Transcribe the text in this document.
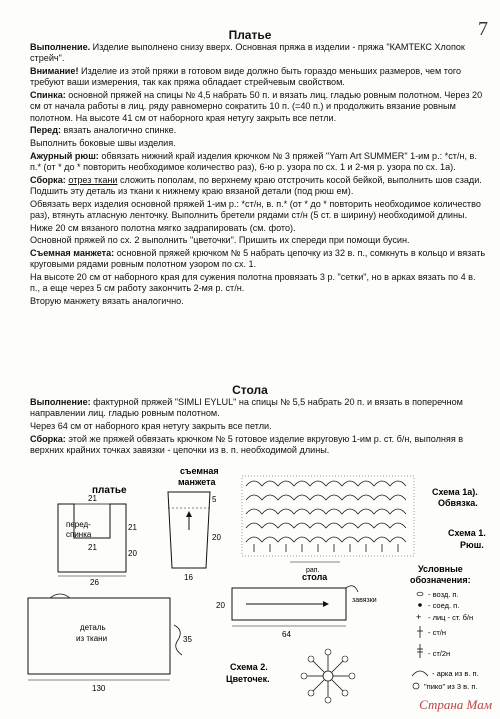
7
Платье

Выполнение. Изделие выполнено снизу вверх. Основная пряжа в изделии - пряжа "КАМТЕКС Хлопок стрейч".

Внимание! Изделие из этой пряжи в готовом виде должно быть гораздо меньших размеров, чем того требуют ваши измерения, так как пряжа обладает стрейчевым свойством.

Спинка: основной пряжей на спицы № 4,5 набрать 50 п. и вязать лиц. гладью ровным полотном. Через 20 см от начала работы в лиц. ряду равномерно сократить 10 п. (=40 п.) и продолжить вязание ровным полотном. На высоте 41 см от наборного края нетугу закрыть все петли.

Перед: вязать аналогично спинке.

Выполнить боковые швы изделия.

Ажурный рюш: обвязать нижний край изделия крючком № 3 пряжей "Yarn Art SUMMER" 1-им р.: *ст/н, в. п.* (от * до * повторить необходимое количество раз), 6-ю р. узора по сх. 1 и 2-мя р. узора по сх. 1а).

Сборка: отрез ткани сложить пополам, по верхнему краю отстрочить косой бейкой, выполнить шов сзади. Подшить эту деталь из ткани к нижнему краю вязаной детали (под рюш ем).

Обвязать верх изделия основной пряжей 1-им р.: *ст/н, в. п.* (от * до * повторить необходимое количество раз), втянуть атласную ленточку. Выполнить бретели рядами ст/н (5 ст. в ширину) необходимой длины.

Ниже 20 см вязаного полотна мягко задрапировать (см. фото).

Основной пряжей по сх. 2 выполнить "цветочки". Пришить их спереди при помощи бусин.

Съемная манжета: основной пряжей крючком № 5 набрать цепочку из 32 в. п., сомкнуть в кольцо и вязать круговыми рядами ровным полотном узором по сх. 1.

На высоте 20 см от наборного края для сужения полотна провязать 3 р. "сетки", но в арках вязать по 4 в. п., а еще через 5 см работу закончить 2-мя р. ст/н.

Вторую манжету вязать аналогично.

Стола

Выполнение: фактурной пряжей "SIMLI EYLUL" на спицы № 5,5 набрать 20 п. и вязать в поперечном направлении лиц. гладью ровным полотном.

Через 64 см от наборного края нетугу закрыть все петли.

Сборка: этой же пряжей обвязать крючком № 5 готовое изделие вкруговую 1-им р. ст. б/н, выполняя в верхних крайних точках завязки - цепочки из в. п. необходимой длины.

платье
21
21
перед-
спинка
21
20
26
деталь
из ткани	35
130
съемная
манжета
5
20
16
рап.
Схема 1а).
Обвязка.
Схема 1.
Рюш.
стола
завязки
20
64
Схема 2.
Цветочек.
Условные
обозначения:
- возд. п.
- соед. п.
+ - лиц - ст. б/н
- ст/н
- ст/2н
- арка из в. п.
"пико" из 3 в. п.
Страна Мам
